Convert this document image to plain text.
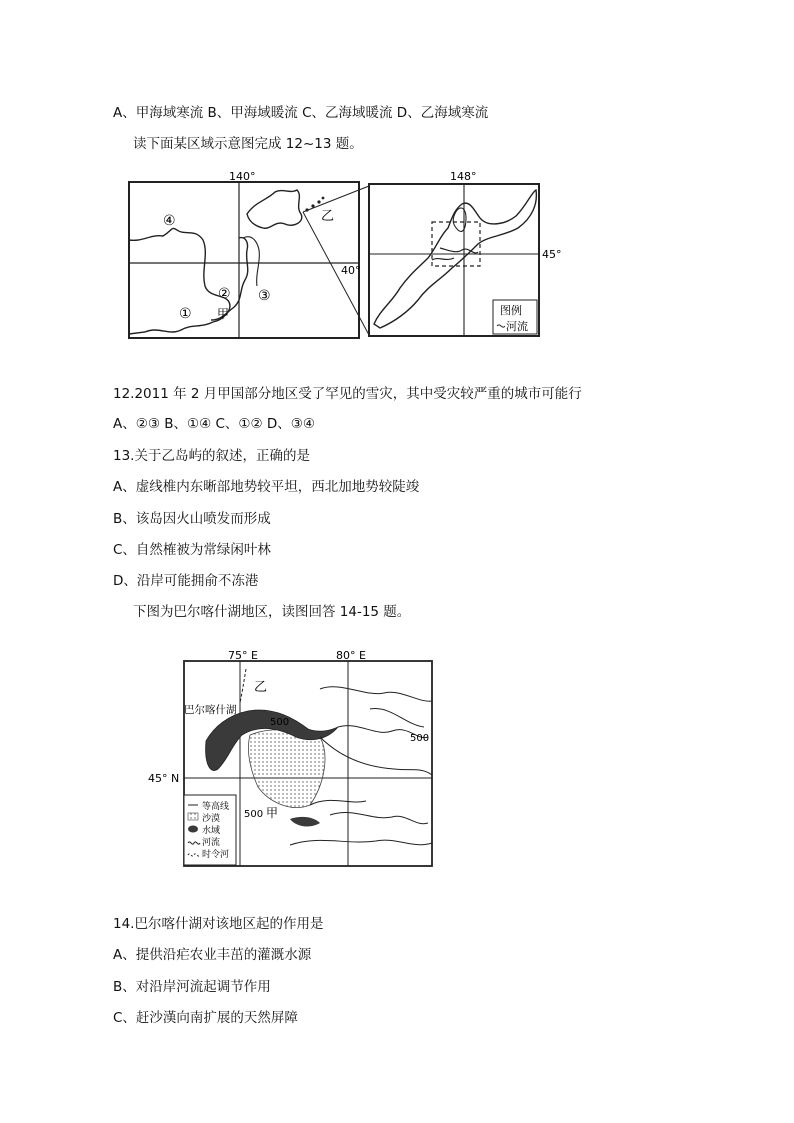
A、甲海域寒流 B、甲海域暖流 C、乙海域暖流 D、乙海域寒流
读下面某区域示意图完成 12~13 题。
140°
40°
④
② ③
① 甲
乙
图例
河流
148°
45°
12.2011 年 2 月甲国部分地区受了罕见的雪灾，其中受灾较严重的城市可能行
A、②③ B、①④ C、①② D、③④
13.关于乙岛屿的叙述，正确的是
A、虚线椎内东晰部地势较平坦，西北加地势较陡竣
B、该岛因火山喷发而形成
C、自然榷被为常绿闲叶林
D、沿岸可能拥俞不冻港
下图为巴尔喀什湖地区，读图回答 14-15 题。
75° E	80° E
45° N
乙
巴尔喀什湖
500
500
500 甲
等高线
沙漠
水域
河流
时令河
14.巴尔喀什湖对该地区起的作用是
A、提供沿疟农业丰茁的灌溉水源
B、对沿岸河流起调节作用
C、赶沙漢向南扩展的天然屏障
